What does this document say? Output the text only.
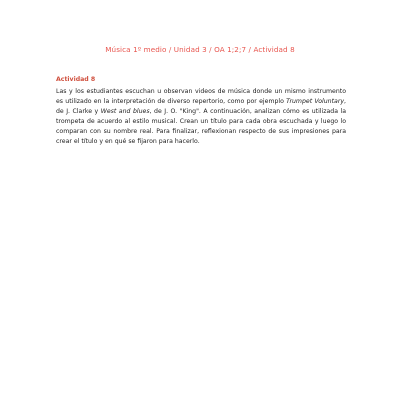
Música 1º medio / Unidad 3 / OA 1;2;7 / Actividad 8
Actividad 8
Las y los estudiantes escuchan u observan videos de música donde un mismo instrumento es utilizado en la interpretación de diverso repertorio, como por ejemplo Trumpet Voluntary, de J. Clarke y West and blues, de J. O. "King". A continuación, analizan cómo es utilizada la trompeta de acuerdo al estilo musical. Crean un título para cada obra escuchada y luego lo comparan con su nombre real. Para finalizar, reflexionan respecto de sus impresiones para crear el título y en qué se fijaron para hacerlo.
